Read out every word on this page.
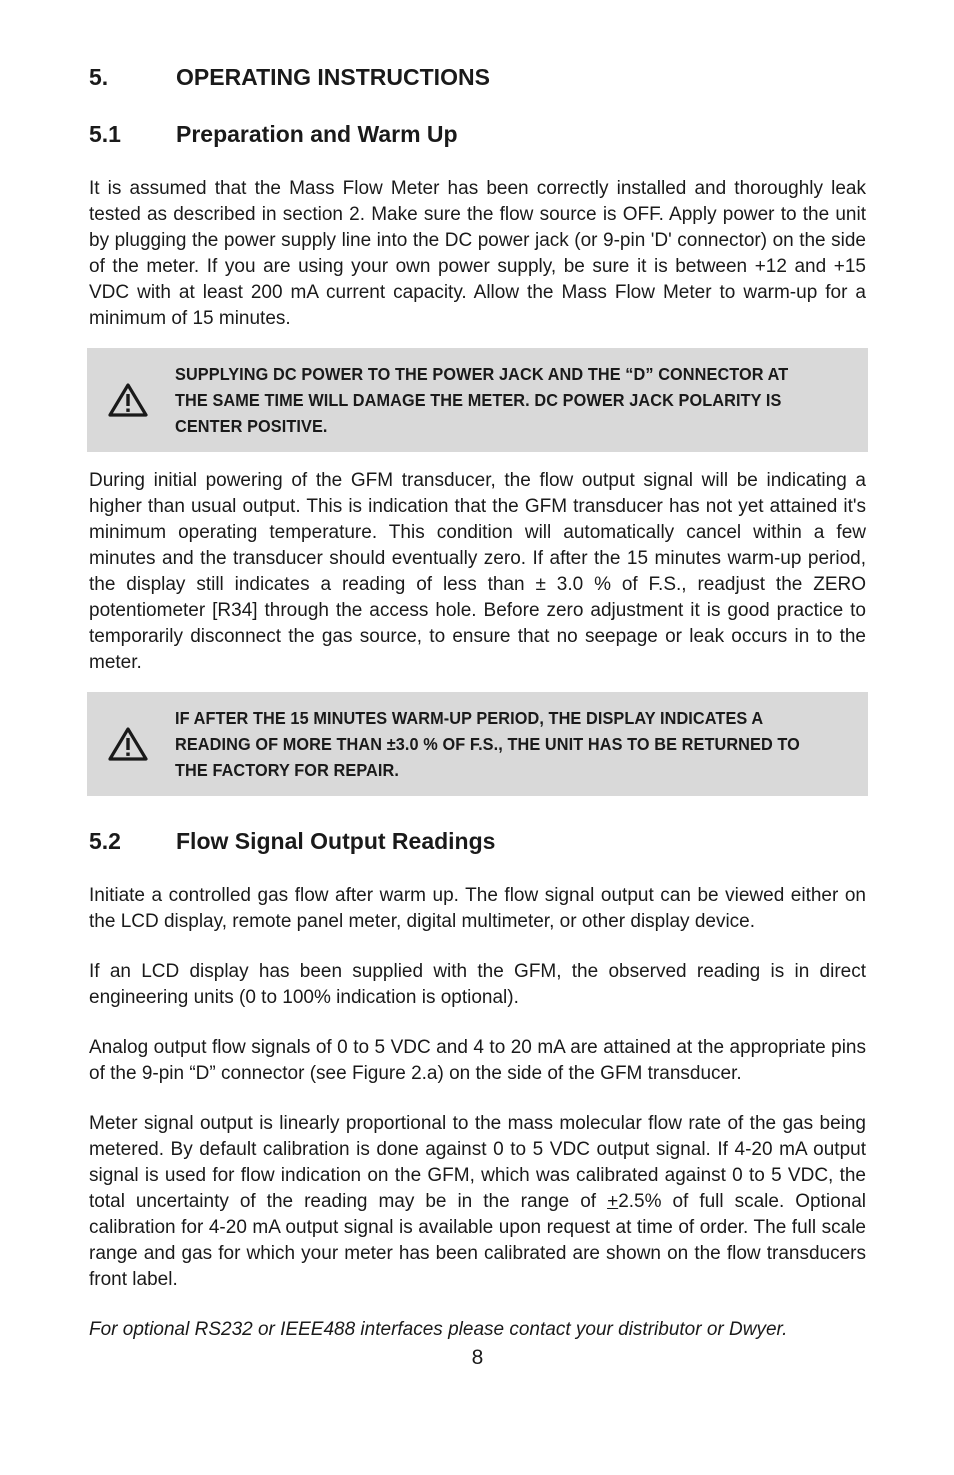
5.	OPERATING INSTRUCTIONS
5.1	Preparation and Warm Up

It is assumed that the Mass Flow Meter has been correctly installed and thoroughly leak tested as described in section 2. Make sure the flow source is OFF. Apply power to the unit by plugging the power supply line into the DC power jack (or 9-pin 'D' connector) on the side of the meter. If you are using your own power supply, be sure it is between +12 and +15 VDC with at least 200 mA current capacity. Allow the Mass Flow Meter to warm-up for a minimum of 15 minutes.

SUPPLYING DC POWER TO THE POWER JACK AND THE “D” CONNECTOR AT THE SAME TIME WILL DAMAGE THE METER. DC POWER JACK POLARITY IS CENTER POSITIVE.

During initial powering of the GFM transducer, the flow output signal will be indicating a higher than usual output. This is indication that the GFM transducer has not yet attained it's minimum operating temperature. This condition will automatically cancel within a few minutes and the transducer should eventually zero. If after the 15 minutes warm-up period, the display still indicates a reading of less than ± 3.0 % of F.S., readjust the ZERO potentiometer [R34] through the access hole. Before zero adjustment it is good practice to temporarily disconnect the gas source, to ensure that no seepage or leak occurs in to the meter.

IF AFTER THE 15 MINUTES WARM-UP PERIOD, THE DISPLAY INDICATES A READING OF MORE THAN ±3.0 % OF F.S., THE UNIT HAS TO BE RETURNED TO THE FACTORY FOR REPAIR.
5.2	Flow Signal Output Readings

Initiate a controlled gas flow after warm up. The flow signal output can be viewed either on the LCD display, remote panel meter, digital multimeter, or other display device.

If an LCD display has been supplied with the GFM, the observed reading is in direct engineering units (0 to 100% indication is optional).

Analog output flow signals of 0 to 5 VDC and 4 to 20 mA are attained at the appropriate pins of the 9-pin “D” connector (see Figure 2.a) on the side of the GFM transducer.

Meter signal output is linearly proportional to the mass molecular flow rate of the gas being metered. By default calibration is done against 0 to 5 VDC output signal. If 4-20 mA output signal is used for flow indication on the GFM, which was calibrated against 0 to 5 VDC, the total uncertainty of the reading may be in the range of +2.5% of full scale. Optional calibration for 4-20 mA output signal is available upon request at time of order. The full scale range and gas for which your meter has been calibrated are shown on the flow transducers front label.

For optional RS232 or IEEE488 interfaces please contact your distributor or Dwyer.

8
